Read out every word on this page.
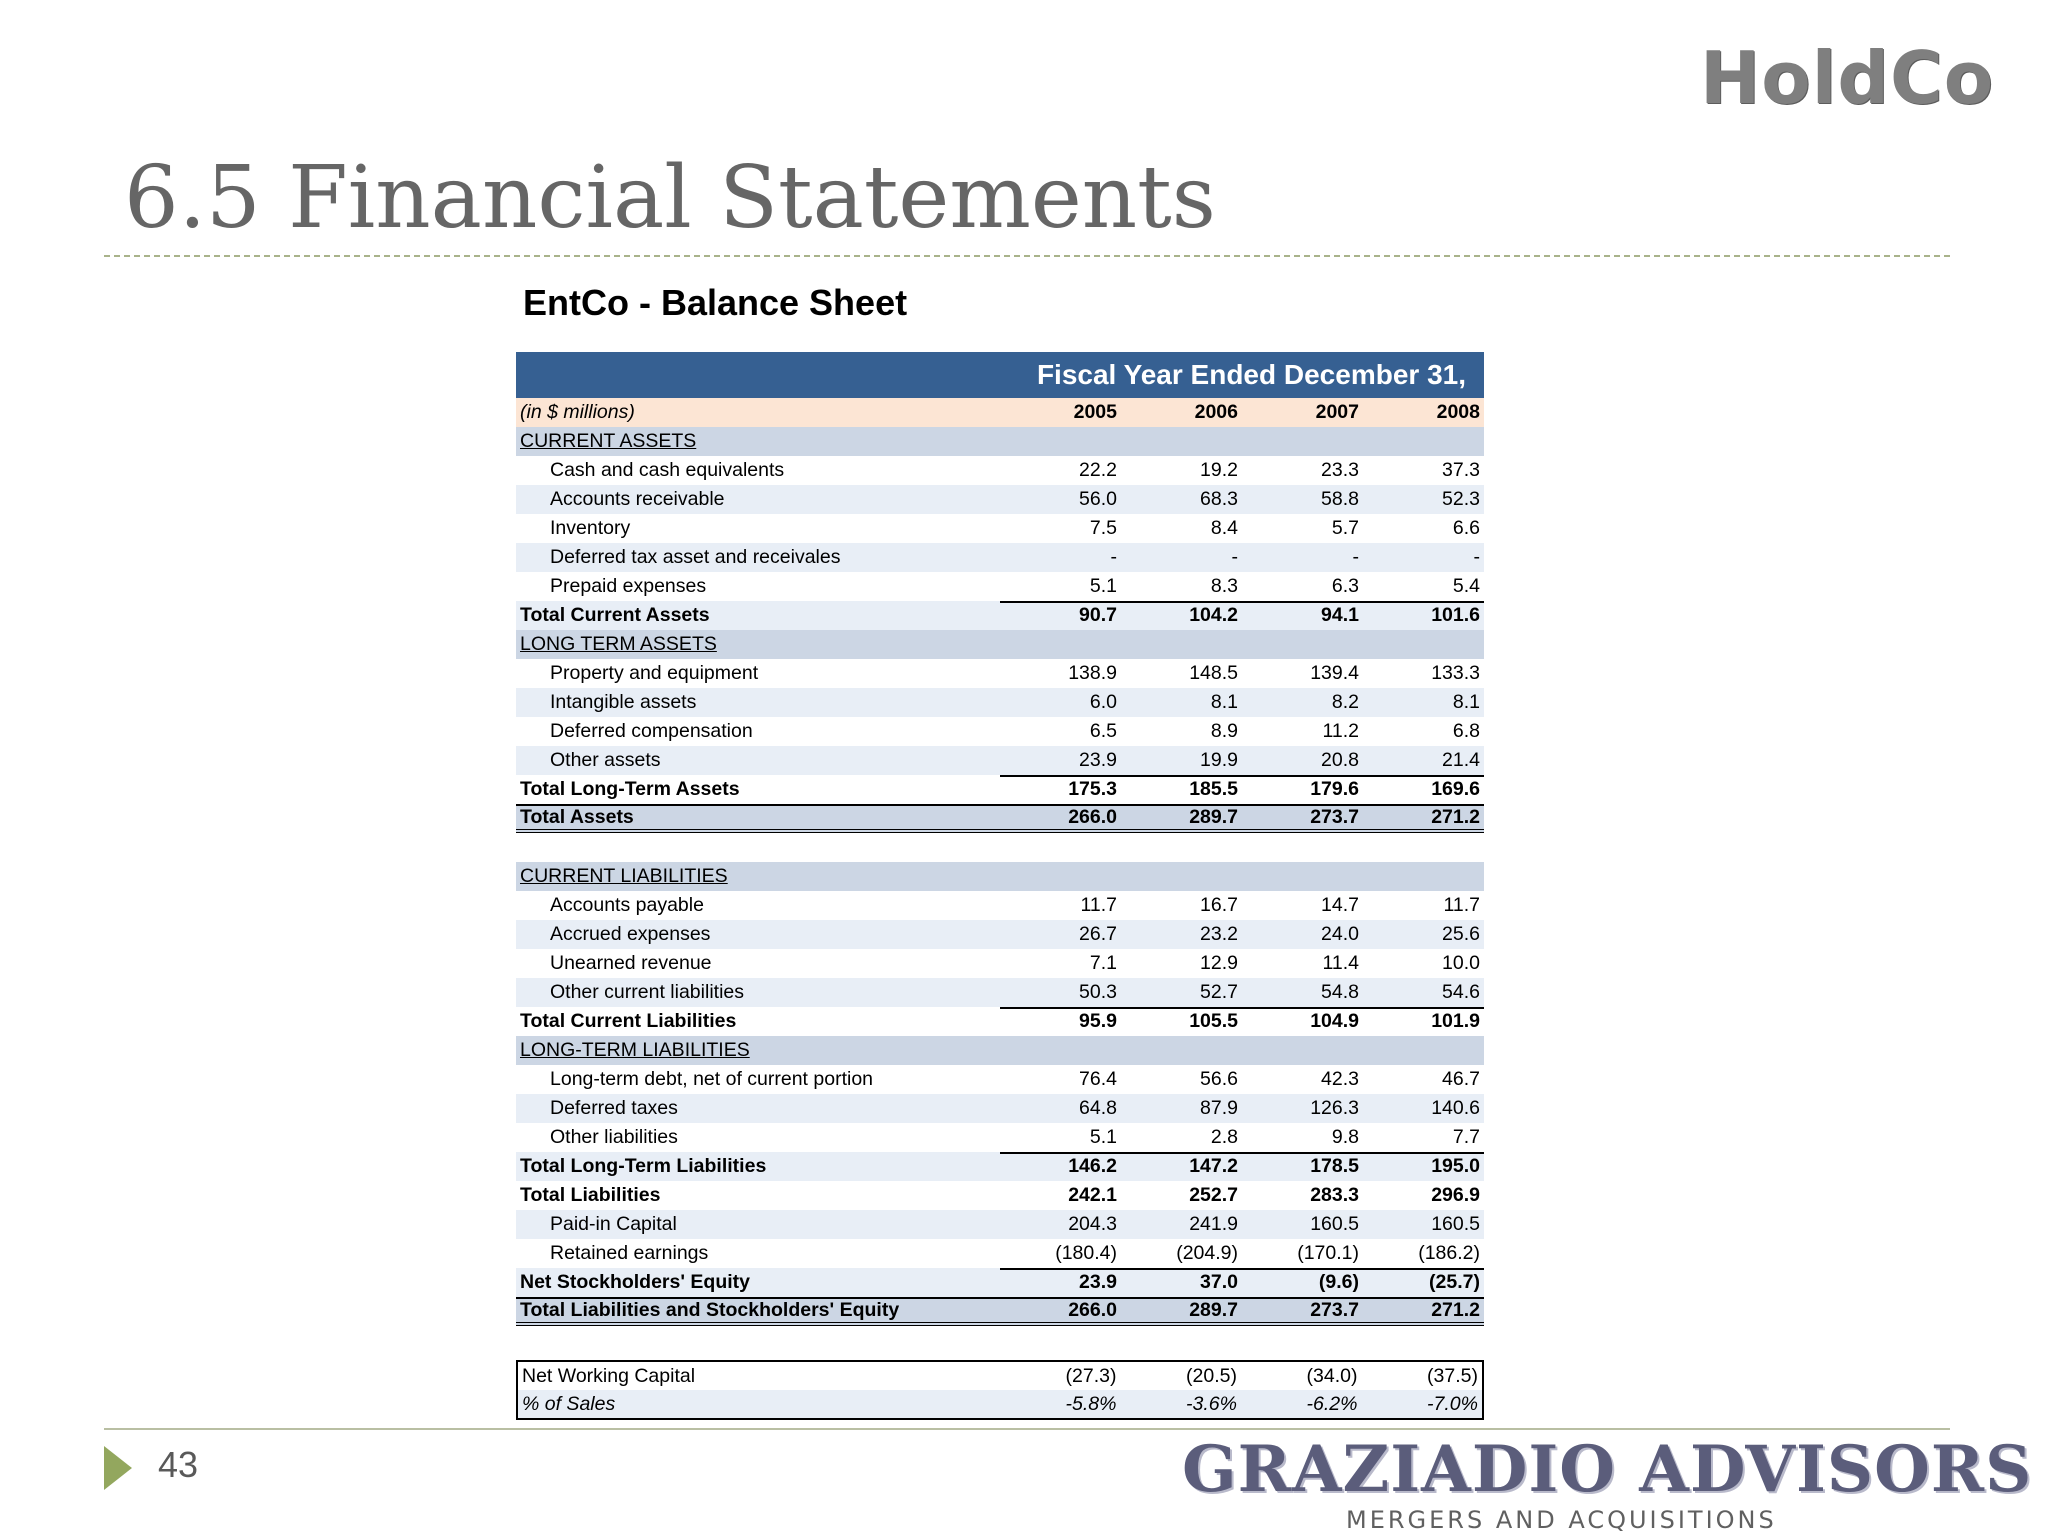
HoldCo
6.5 Financial Statements
EntCo - Balance Sheet
Fiscal Year Ended December 31,
(in $ millions)	2005	2006	2007	2008
CURRENT ASSETS
Cash and cash equivalents	22.2	19.2	23.3	37.3
Accounts receivable	56.0	68.3	58.8	52.3
Inventory	7.5	8.4	5.7	6.6
Deferred tax asset and receivales	-	-	-	-
Prepaid expenses	5.1	8.3	6.3	5.4
Total Current Assets	90.7	104.2	94.1	101.6
LONG TERM ASSETS
Property and equipment	138.9	148.5	139.4	133.3
Intangible assets	6.0	8.1	8.2	8.1
Deferred compensation	6.5	8.9	11.2	6.8
Other assets	23.9	19.9	20.8	21.4
Total Long-Term Assets	175.3	185.5	179.6	169.6
Total Assets	266.0	289.7	273.7	271.2
CURRENT LIABILITIES
Accounts payable	11.7	16.7	14.7	11.7
Accrued expenses	26.7	23.2	24.0	25.6
Unearned revenue	7.1	12.9	11.4	10.0
Other current liabilities	50.3	52.7	54.8	54.6
Total Current Liabilities	95.9	105.5	104.9	101.9
LONG-TERM LIABILITIES
Long-term debt, net of current portion	76.4	56.6	42.3	46.7
Deferred taxes	64.8	87.9	126.3	140.6
Other liabilities	5.1	2.8	9.8	7.7
Total Long-Term Liabilities	146.2	147.2	178.5	195.0
Total Liabilities	242.1	252.7	283.3	296.9
Paid-in Capital	204.3	241.9	160.5	160.5
Retained earnings	(180.4)	(204.9)	(170.1)	(186.2)
Net Stockholders' Equity	23.9	37.0	(9.6)	(25.7)
Total Liabilities and Stockholders' Equity	266.0	289.7	273.7	271.2
Net Working Capital	(27.3)	(20.5)	(34.0)	(37.5)
% of Sales	-5.8%	-3.6%	-6.2%	-7.0%
43	GRAZIADIO ADVISORS
MERGERS AND ACQUISITIONS
